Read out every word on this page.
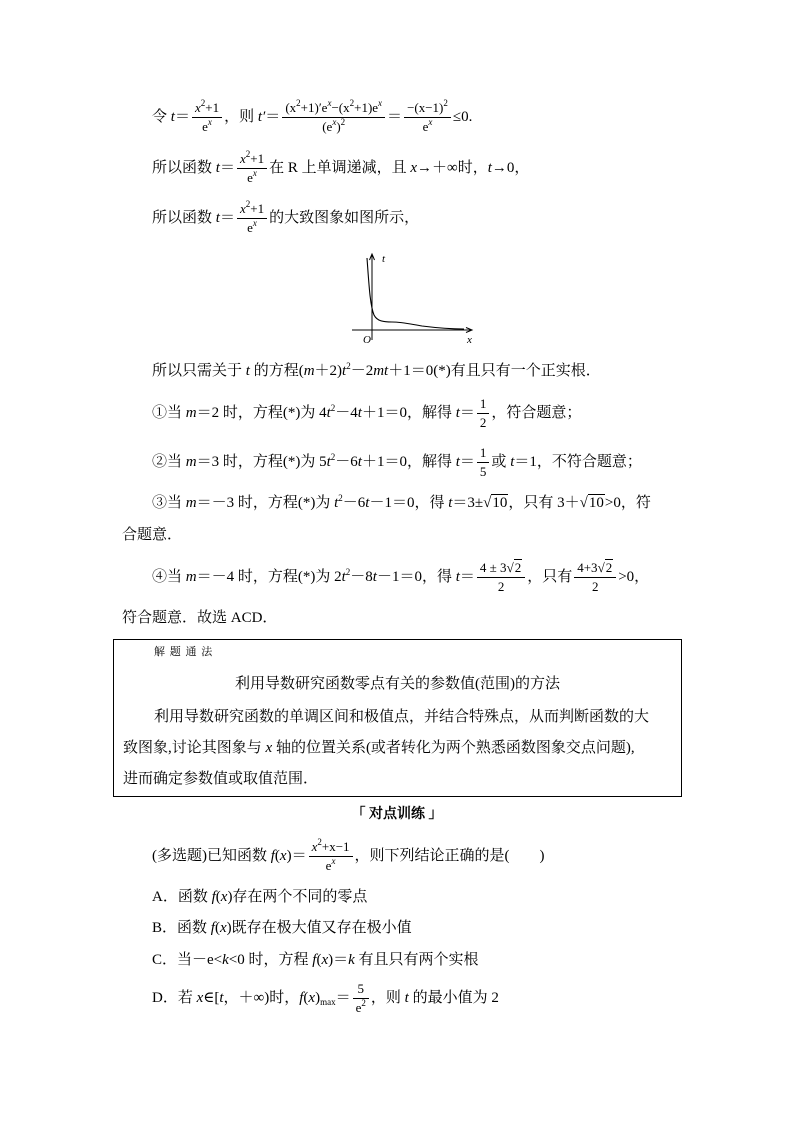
令 $t= \frac{x^2+1}{e^x}$ ，则 $t'= \frac{(x^2+1)'e^x-(x^2+1)e^x}{(e^x)^2} = \frac{-(x-1)^2}{e^x} \le 0$.
所以函数 $t= \frac{x^2+1}{e^x}$ 在 R 上单调递减，且 x→＋∞时，t→0，
所以函数 $t= \frac{x^2+1}{e^x}$ 的大致图象如图所示，
t
O	x
所以只需关于 t 的方程$(m+2)t^2-2mt+1=0(*)$有且只有一个正实根．
①当 m＝2 时，方程(*)为 $4t^2-4t+1=0$，解得 $t= \frac{1}{2}$ ，符合题意；
②当 m＝3 时，方程(*)为 $5t^2-6t+1=0$，解得 $t= \frac{1}{5}$ 或 t＝1，不符合题意；
③当 m＝－3 时，方程(*)为 $t^2-6t-1=0$，得 t＝3±√10，只有 3＋√10>0，符
合题意．
④当 m＝－4 时，方程(*)为 $2t^2-8t-1=0$，得 $t= \frac{4 \pm 3√2}{2}$ ，只有 $\frac{4+3√2}{2} >0$，
符合题意．故选 ACD．
解 题 通 法
利用导数研究函数零点有关的参数值(范围)的方法
利用导数研究函数的单调区间和极值点，并结合特殊点，从而判断函数的大
致图象,讨论其图象与 x 轴的位置关系(或者转化为两个熟悉函数图象交点问题),
进而确定参数值或取值范围．
「 对点训练 」
(多选题)已知函数 $f(x)= \frac{x^2+x-1}{e^x}$ ，则下列结论正确的是(　　)
A．函数 f(x)存在两个不同的零点
B．函数 f(x)既存在极大值又存在极小值
C．当－e<k<0 时，方程 f(x)＝k 有且只有两个实根
D．若 x∈[t，＋∞)时，$f(x)_{max}= \frac{5}{e^2}$ ，则 t 的最小值为 2
